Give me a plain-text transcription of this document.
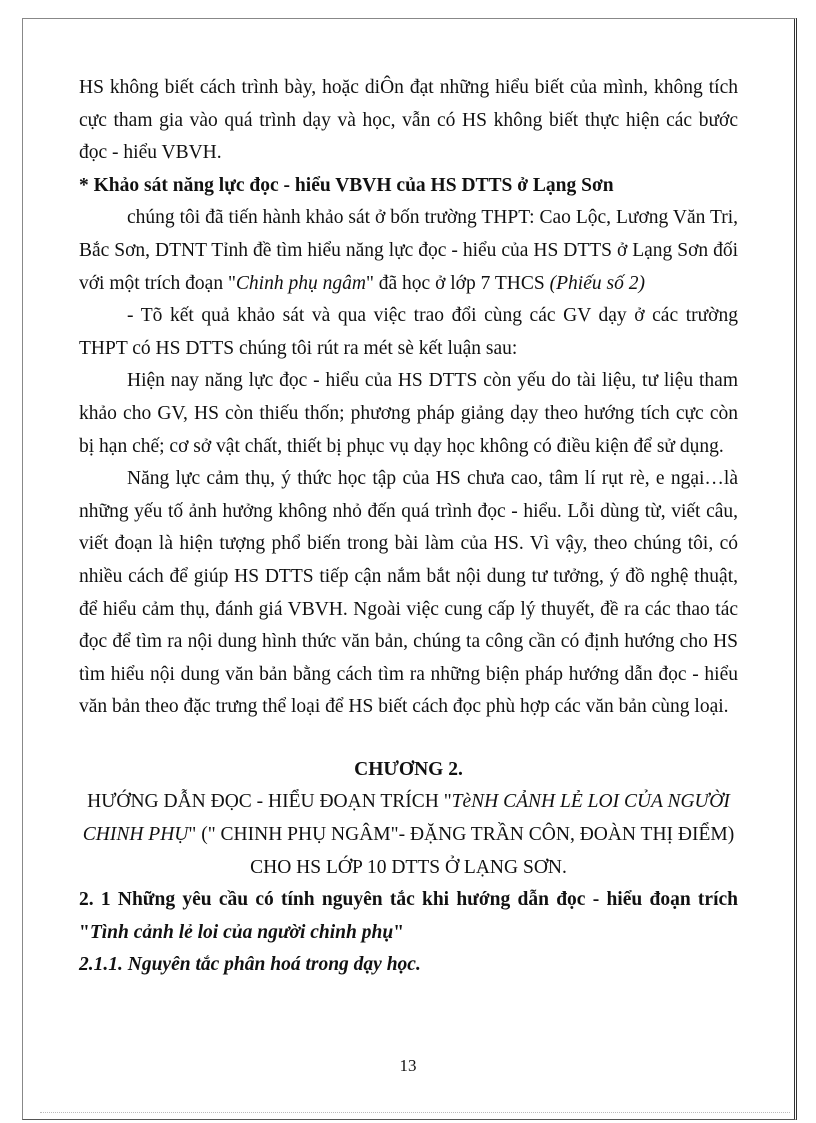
HS không biết cách trình bày, hoặc diÔn đạt những hiểu biết của mình, không tích cực tham gia vào quá trình dạy và học, vẫn có HS không biết thực hiện các bước đọc - hiểu VBVH.

* Khảo sát năng lực đọc - hiểu VBVH của HS DTTS ở Lạng Sơn

chúng tôi đã tiến hành khảo sát ở bốn trường THPT: Cao Lộc, Lương Văn Tri, Bắc Sơn, DTNT Tỉnh đề tìm hiểu năng lực đọc - hiểu của HS DTTS ở Lạng Sơn đối với một trích đoạn "Chinh phụ ngâm" đã học ở lớp 7 THCS (Phiếu số 2)

- Tõ kết quả khảo sát và qua việc trao đổi cùng các GV dạy ở các trường THPT có HS DTTS chúng tôi rút ra mét sè kết luận sau:

Hiện nay năng lực đọc - hiểu của HS DTTS còn yếu do tài liệu, tư liệu tham khảo cho GV, HS còn thiếu thốn; phương pháp giảng dạy theo hướng tích cực còn bị hạn chế; cơ sở vật chất, thiết bị phục vụ dạy học không có điều kiện để sử dụng.

Năng lực cảm thụ, ý thức học tập của HS chưa cao, tâm lí rụt rè, e ngại…là những yếu tố ảnh hưởng không nhỏ đến quá trình đọc - hiểu. Lỗi dùng từ, viết câu, viết đoạn là hiện tượng phổ biến trong bài làm của HS. Vì vậy, theo chúng tôi, có nhiều cách để giúp HS DTTS tiếp cận nắm bắt nội dung tư tưởng, ý đồ nghệ thuật, để hiểu cảm thụ, đánh giá VBVH. Ngoài việc cung cấp lý thuyết, đề ra các thao tác đọc để tìm ra nội dung hình thức văn bản, chúng ta công cần có định hướng cho HS tìm hiểu nội dung văn bản bằng cách tìm ra những biện pháp hướng dẫn đọc - hiểu văn bản theo đặc trưng thể loại để HS biết cách đọc phù hợp các văn bản cùng loại.

CHƯƠNG 2.

HƯỚNG DẪN ĐỌC - HIỂU ĐOẠN TRÍCH "TèNH CẢNH LẺ LOI CỦA NGƯỜI CHINH PHỤ" (" CHINH PHỤ NGÂM"- ĐẶNG TRẦN CÔN, ĐOÀN THỊ ĐIỂM) CHO HS LỚP 10 DTTS Ở LẠNG SƠN.

2. 1 Những yêu cầu có tính nguyên tắc khi hướng dẫn đọc - hiểu đoạn trích "Tình cảnh lẻ loi của người chinh phụ"

2.1.1. Nguyên tắc phân hoá trong dạy học.

13
